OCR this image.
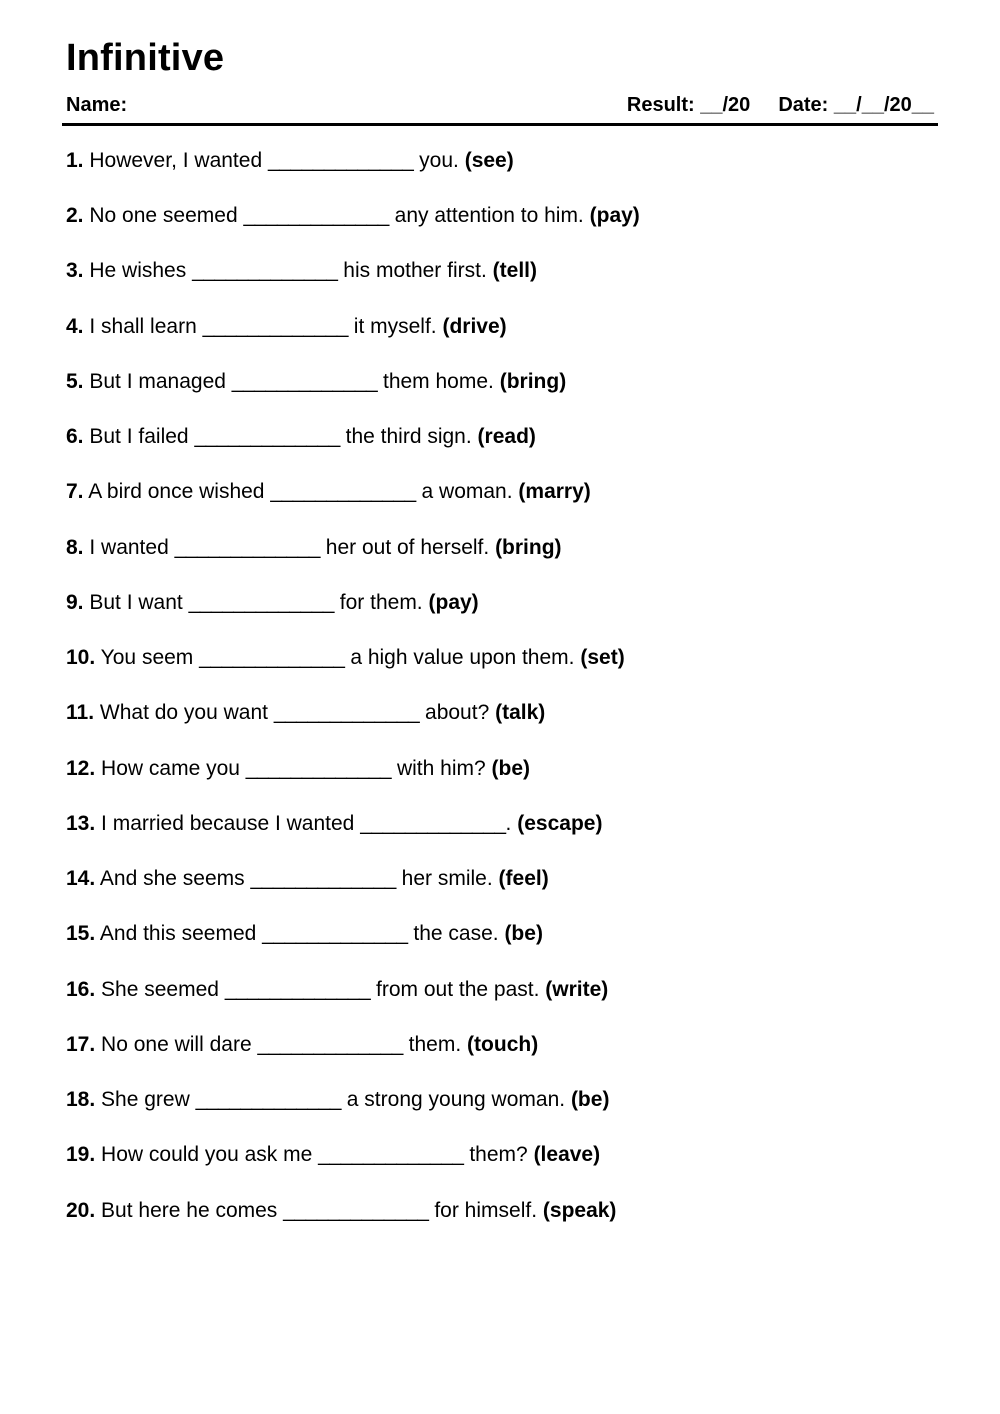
Infinitive
Name:	Result: __/20 Date: __/__/20__
1. However, I wanted _____________ you. (see)
2. No one seemed _____________ any attention to him. (pay)
3. He wishes _____________ his mother first. (tell)
4. I shall learn _____________ it myself. (drive)
5. But I managed _____________ them home. (bring)
6. But I failed _____________ the third sign. (read)
7. A bird once wished _____________ a woman. (marry)
8. I wanted _____________ her out of herself. (bring)
9. But I want _____________ for them. (pay)
10. You seem _____________ a high value upon them. (set)
11. What do you want _____________ about? (talk)
12. How came you _____________ with him? (be)
13. I married because I wanted _____________. (escape)
14. And she seems _____________ her smile. (feel)
15. And this seemed _____________ the case. (be)
16. She seemed _____________ from out the past. (write)
17. No one will dare _____________ them. (touch)
18. She grew _____________ a strong young woman. (be)
19. How could you ask me _____________ them? (leave)
20. But here he comes _____________ for himself. (speak)
